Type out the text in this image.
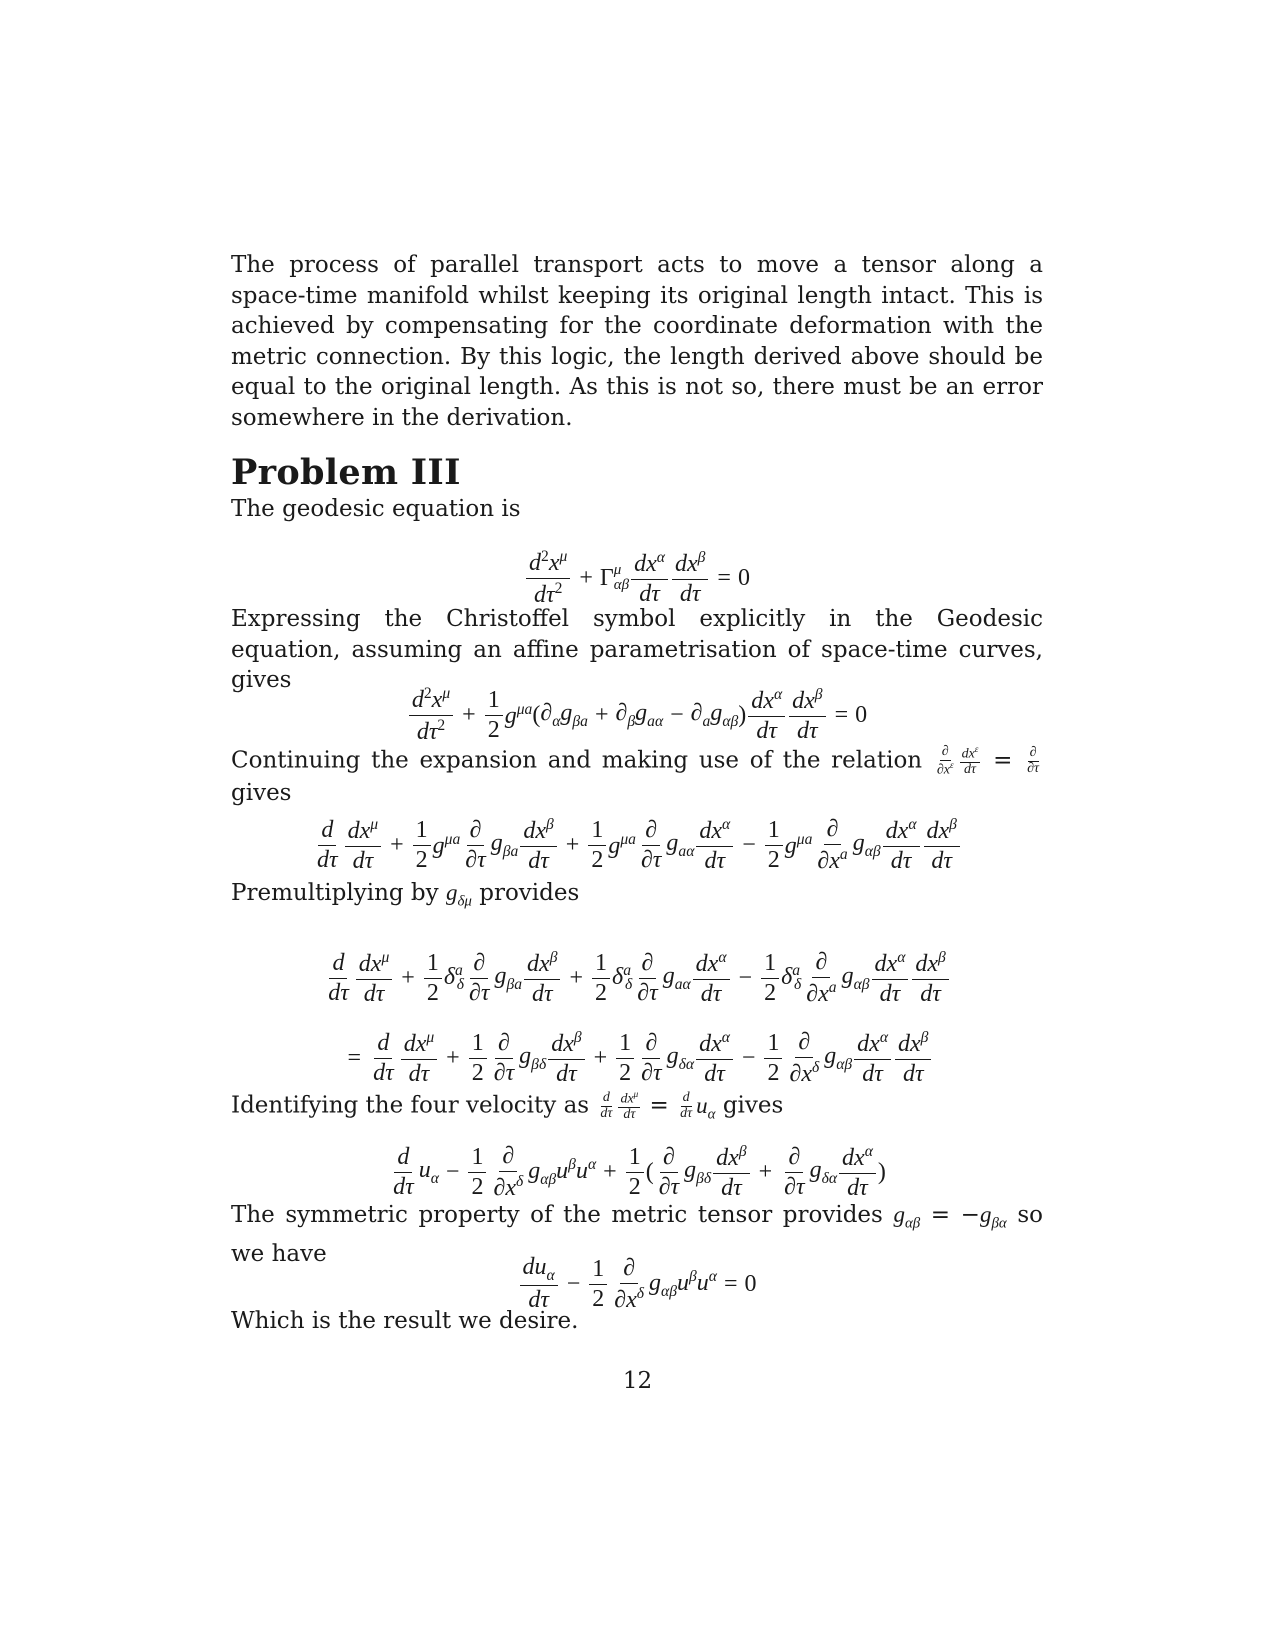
The process of parallel transport acts to move a tensor along a space-time manifold whilst keeping its original length intact. This is achieved by compensating for the coordinate deformation with the metric connection. By this logic, the length derived above should be equal to the original length. As this is not so, there must be an error somewhere in the derivation.

Problem III

The geodesic equation is

$\frac{d^2x^\mu}{d\tau^2} + \Gamma$ μ
αβ $\frac{dx^\alpha}{d\tau} \frac{dx^\beta}{d\tau} = 0$

Expressing the Christoffel symbol explicitly in the Geodesic equation, assuming an affine parametrisation of space-time curves, gives

$\frac{d^2x^\mu}{d\tau^2} + \frac{1}{2} g^{\mu a}$ ( $\partial_\alpha g_{\beta a} + \partial_\beta g_{a\alpha} - \partial_ag_{\alpha\beta}$ ) $\frac{dx^\alpha}{d\tau} \frac{dx^\beta}{d\tau} = 0$

Continuing the expansion and making use of the relation $\frac{\partial}{\partial x^\varepsilon} \frac{dx^\varepsilon}{d\tau} = \frac{\partial}{\partial\tau}$
gives

$\frac{d}{d\tau} \frac{dx^\mu}{d\tau} + \frac{1}{2} g^{\mu a} \frac{\partial}{\partial\tau} g_{\beta a} \frac{dx^\beta}{d\tau} + \frac{1}{2} g^{\mu a} \frac{\partial}{\partial\tau} g_{a\alpha} \frac{dx^\alpha}{d\tau} - \frac{1}{2} g^{\mu a} \frac{\partial}{\partial x^a} g_{\alpha\beta} \frac{dx^\alpha}{d\tau} \frac{dx^\beta}{d\tau}$

Premultiplying by $g_{\delta\mu}$ provides

$\frac{d}{d\tau} \frac{dx^\mu}{d\tau} + \frac{1}{2} \delta^a_\delta \frac{\partial}{\partial\tau} g_{\beta a} \frac{dx^\beta}{d\tau} + \frac{1}{2} \delta^a_\delta \frac{\partial}{\partial\tau} g_{a\alpha} \frac{dx^\alpha}{d\tau} - \frac{1}{2} \delta^a_\delta \frac{\partial}{\partial x^a} g_{\alpha\beta} \frac{dx^\alpha}{d\tau} \frac{dx^\beta}{d\tau}$
= $\frac{d}{d\tau} \frac{dx^\mu}{d\tau} + \frac{1}{2} \frac{\partial}{\partial\tau} g_{\beta\delta} \frac{dx^\beta}{d\tau} + \frac{1}{2} \frac{\partial}{\partial\tau} g_{\delta\alpha} \frac{dx^\alpha}{d\tau} - \frac{1}{2} \frac{\partial}{\partial x^\delta} g_{\alpha\beta} \frac{dx^\alpha}{d\tau} \frac{dx^\beta}{d\tau}$

Identifying the four velocity as $\frac{d}{d\tau} \frac{dx^\mu}{d\tau} = \frac{d}{d\tau} u_\alpha$ gives

$\frac{d}{d\tau} u_\alpha - \frac{1}{2} \frac{\partial}{\partial x^\delta} g_{\alpha\beta}u^\beta u^\alpha + \frac{1}{2}$ ( $\frac{\partial}{\partial\tau} g_{\beta\delta} \frac{dx^\beta}{d\tau} + \frac{\partial}{\partial\tau} g_{\delta\alpha} \frac{dx^\alpha}{d\tau}$ )

The symmetric property of the metric tensor provides $g_{\alpha\beta} = -g_{\beta\alpha}$ so we have

$\frac{du_\alpha}{d\tau} - \frac{1}{2} \frac{\partial}{\partial x^\delta} g_{\alpha\beta}u^\beta u^\alpha = 0$

Which is the result we desire.

12
